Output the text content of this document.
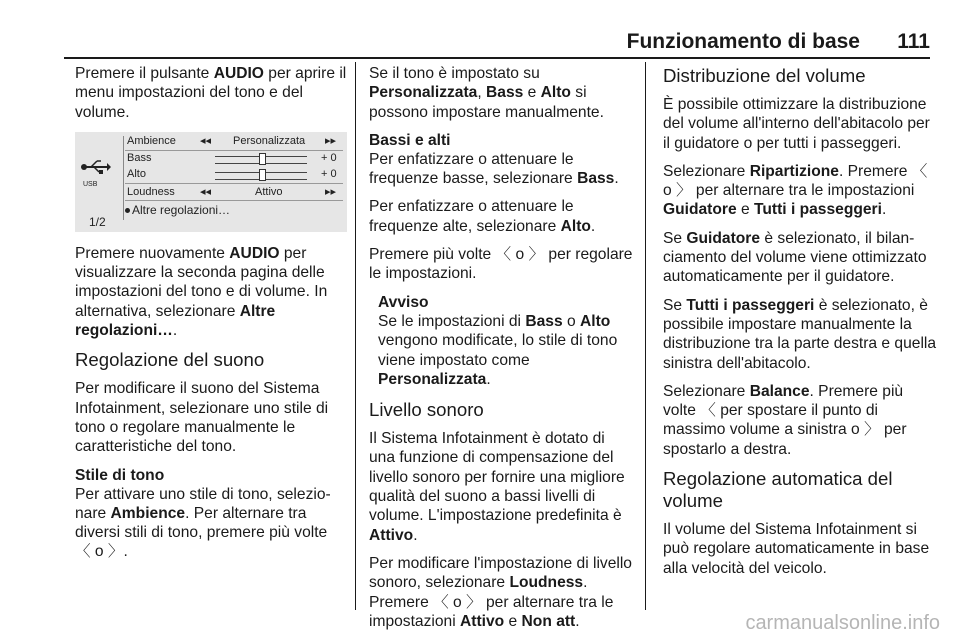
Funzionamento di base	111

Premere il pulsante AUDIO per aprire il menu impostazioni del tono e del volume.

USB
1/2
Ambience ◂◂ Personalizzata ▸▸
Bass	+ 0
Alto	+ 0
Loudness ◂◂	Attivo	▸▸
Altre regolazioni…

Premere nuovamente AUDIO per visualizzare la seconda pagina delle impostazioni del tono e di volume. In alternativa, selezionare Altre regolazioni….

Regolazione del suono

Per modificare il suono del Sistema Infotainment, selezionare uno stile di tono o regolare manualmente le caratteristiche del tono.

Stile di tono

Per attivare uno stile di tono, selezionare Ambience. Per alternare tra diversi stili di tono, premere più volte 〈 o 〉.

Se il tono è impostato su Personalizzata, Bass e Alto si possono impostare manualmente.

Bassi e alti

Per enfatizzare o attenuare le frequenze basse, selezionare Bass.

Per enfatizzare o attenuare le frequenze alte, selezionare Alto.

Premere più volte 〈 o 〉 per regolare le impostazioni.

Avviso
Se le impostazioni di Bass o Alto vengono modificate, lo stile di tono viene impostato come Personalizzata.
Livello sonoro

Il Sistema Infotainment è dotato di una funzione di compensazione del livello sonoro per fornire una migliore qualità del suono a bassi livelli di volume. L'impostazione predefinita è Attivo.

Per modificare l'impostazione di livello sonoro, selezionare Loudness. Premere 〈 o 〉 per alternare tra le impostazioni Attivo e Non att.

Distribuzione del volume

È possibile ottimizzare la distribuzione del volume all'interno dell'abitacolo per il guidatore o per tutti i passeggeri.

Selezionare Ripartizione. Premere 〈 o 〉 per alternare tra le impostazioni Guidatore e Tutti i passeggeri.

Se Guidatore è selezionato, il bilanciamento del volume viene ottimizzato automaticamente per il guidatore.

Se Tutti i passeggeri è selezionato, è possibile impostare manualmente la distribuzione tra la parte destra e quella sinistra dell'abitacolo.

Selezionare Balance. Premere più volte 〈 per spostare il punto di massimo volume a sinistra o 〉 per spostarlo a destra.

Regolazione automatica del volume

Il volume del Sistema Infotainment si può regolare automaticamente in base alla velocità del veicolo.

carmanualsonline.info
